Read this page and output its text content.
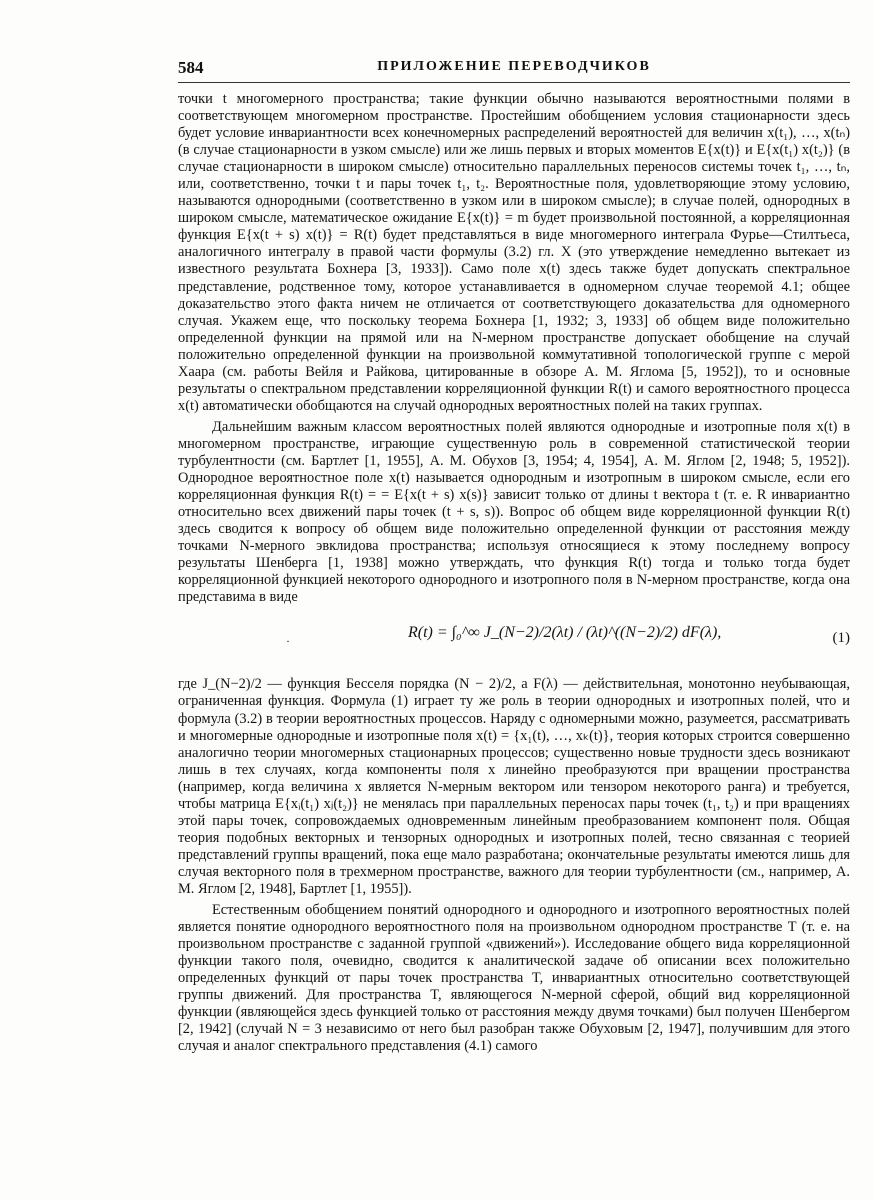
584	ПРИЛОЖЕНИЕ ПЕРЕВОДЧИКОВ

точки t многомерного пространства; такие функции обычно называются вероятностными полями в соответствующем многомерном пространстве. Простейшим обобщением условия стационарности здесь будет условие инвариантности всех конечномерных распределений вероятностей для величин x(t₁), …, x(tₙ) (в случае стационарности в узком смысле) или же лишь первых и вторых моментов E{x(t)} и E{x(t₁) x(t₂)} (в случае стационарности в широком смысле) относительно параллельных переносов системы точек t₁, …, tₙ, или, соответственно, точки t и пары точек t₁, t₂. Вероятностные поля, удовлетворяющие этому условию, называются однородными (соответственно в узком или в широком смысле); в случае полей, однородных в широком смысле, математическое ожидание E{x(t)} = m будет произвольной постоянной, а корреляционная функция E{x(t + s) x(t)} = R(t) будет представляться в виде многомерного интеграла Фурье—Стилтьеса, аналогичного интегралу в правой части формулы (3.2) гл. X (это утверждение немедленно вытекает из известного результата Бохнера [3, 1933]). Само поле x(t) здесь также будет допускать спектральное представление, родственное тому, которое устанавливается в одномерном случае теоремой 4.1; общее доказательство этого факта ничем не отличается от соответствующего доказательства для одномерного случая. Укажем еще, что поскольку теорема Бохнера [1, 1932; 3, 1933] об общем виде положительно определенной функции на прямой или на N-мерном пространстве допускает обобщение на случай положительно определенной функции на произвольной коммутативной топологической группе с мерой Хаара (см. работы Вейля и Райкова, цитированные в обзоре А. М. Яглома [5, 1952]), то и основные результаты о спектральном представлении корреляционной функции R(t) и самого вероятностного процесса x(t) автоматически обобщаются на случай однородных вероятностных полей на таких группах.

Дальнейшим важным классом вероятностных полей являются однородные и изотропные поля x(t) в многомерном пространстве, играющие существенную роль в современной статистической теории турбулентности (см. Бартлет [1, 1955], А. М. Обухов [3, 1954; 4, 1954], А. М. Яглом [2, 1948; 5, 1952]). Однородное вероятностное поле x(t) называется однородным и изотропным в широком смысле, если его корреляционная функция R(t) = = E{x(t + s) x(s)} зависит только от длины t вектора t (т. е. R инвариантно относительно всех движений пары точек (t + s, s)). Вопрос об общем виде корреляционной функции R(t) здесь сводится к вопросу об общем виде положительно определенной функции от расстояния между точками N-мерного эвклидова пространства; используя относящиеся к этому последнему вопросу результаты Шенберга [1, 1938] можно утверждать, что функция R(t) тогда и только тогда будет корреляционной функцией некоторого однородного и изотропного поля в N-мерном пространстве, когда она представима в виде

·	R(t) = ∫₀^∞ J_(N−2)/2(λt) / (λt)^((N−2)/2) dF(λ),	(1)

где J_(N−2)/2 — функция Бесселя порядка (N − 2)/2, а F(λ) — действительная, монотонно неубывающая, ограниченная функция. Формула (1) играет ту же роль в теории однородных и изотропных полей, что и формула (3.2) в теории вероятностных процессов. Наряду с одномерными можно, разумеется, рассматривать и многомерные однородные и изотропные поля x(t) = {x₁(t), …, xₖ(t)}, теория которых строится совершенно аналогично теории многомерных стационарных процессов; существенно новые трудности здесь возникают лишь в тех случаях, когда компоненты поля x линейно преобразуются при вращении пространства (например, когда величина x является N-мерным вектором или тензором некоторого ранга) и требуется, чтобы матрица E{xᵢ(t₁) xⱼ(t₂)} не менялась при параллельных переносах пары точек (t₁, t₂) и при вращениях этой пары точек, сопровождаемых одновременным линейным преобразованием компонент поля. Общая теория подобных векторных и тензорных однородных и изотропных полей, тесно связанная с теорией представлений группы вращений, пока еще мало разработана; окончательные результаты имеются лишь для случая векторного поля в трехмерном пространстве, важного для теории турбулентности (см., например, А. М. Яглом [2, 1948], Бартлет [1, 1955]).

Естественным обобщением понятий однородного и однородного и изотропного вероятностных полей является понятие однородного вероятностного поля на произвольном однородном пространстве T (т. е. на произвольном пространстве с заданной группой «движений»). Исследование общего вида корреляционной функции такого поля, очевидно, сводится к аналитической задаче об описании всех положительно определенных функций от пары точек пространства T, инвариантных относительно соответствующей группы движений. Для пространства T, являющегося N-мерной сферой, общий вид корреляционной функции (являющейся здесь функцией только от расстояния между двумя точками) был получен Шенбергом [2, 1942] (случай N = 3 независимо от него был разобран также Обуховым [2, 1947], получившим для этого случая и аналог спектрального представления (4.1) самого
